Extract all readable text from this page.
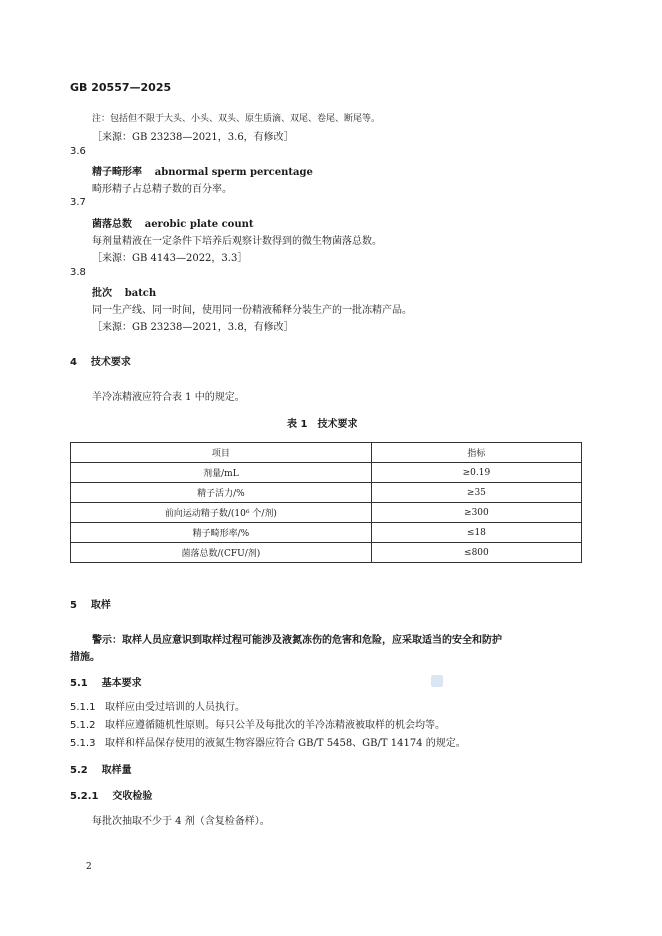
GB 20557—2025
注：包括但不限于大头、小头、双头、原生质滴、双尾、卷尾、断尾等。
［来源：GB 23238—2021，3.6，有修改］
3.6
精子畸形率 abnormal sperm percentage
畸形精子占总精子数的百分率。
3.7
菌落总数 aerobic plate count
每剂量精液在一定条件下培养后观察计数得到的微生物菌落总数。
［来源：GB 4143—2022，3.3］
3.8
批次 batch
同一生产线、同一时间，使用同一份精液稀释分装生产的一批冻精产品。
［来源：GB 23238—2021，3.8，有修改］
4 技术要求
羊冷冻精液应符合表 1 中的规定。
表 1　技术要求
项目	指标
剂量/mL	≥0.19
精子活力/%	≥35
前向运动精子数/(10⁶ 个/剂)	≥300
精子畸形率/%	≤18
菌落总数/(CFU/剂)	≤800
5 取样
警示：取样人员应意识到取样过程可能涉及液氮冻伤的危害和危险，应采取适当的安全和防护
措施。
5.1 基本要求
5.1.1 取样应由受过培训的人员执行。
5.1.2 取样应遵循随机性原则。每只公羊及每批次的羊冷冻精液被取样的机会均等。
5.1.3 取样和样品保存使用的液氮生物容器应符合 GB/T 5458、GB/T 14174 的规定。
5.2 取样量
5.2.1 交收检验
每批次抽取不少于 4 剂（含复检备样）。
2
